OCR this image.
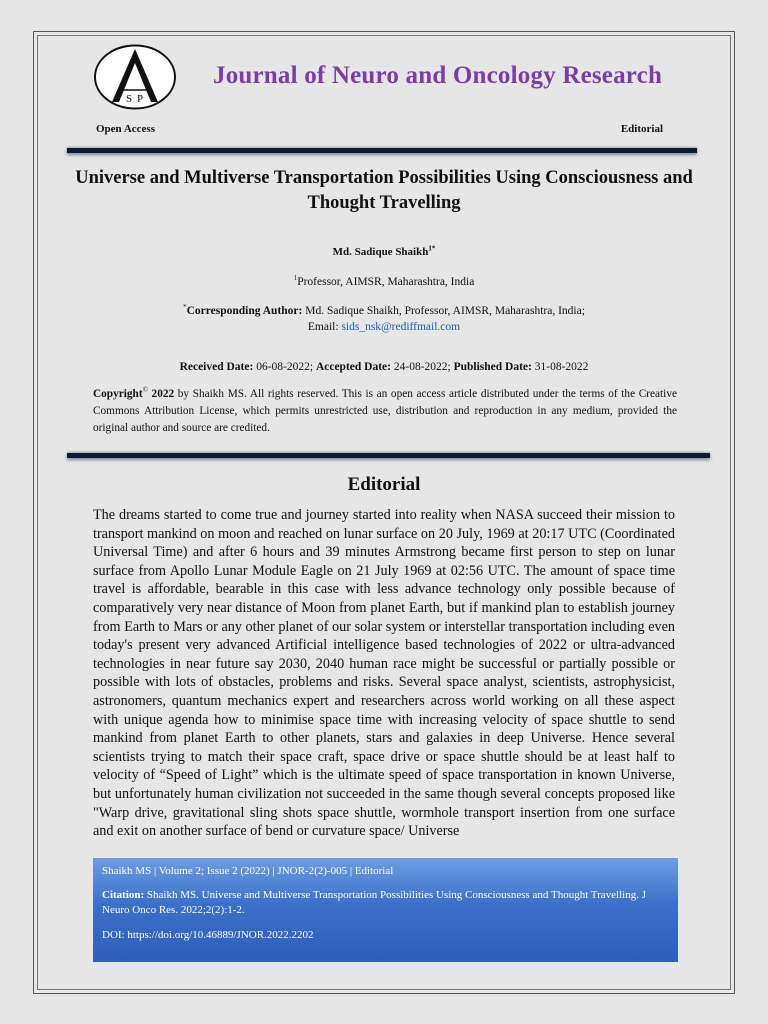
S P
Journal of Neuro and Oncology Research
Open Access	Editorial
Universe and Multiverse Transportation Possibilities Using Consciousness and Thought Travelling
Md. Sadique Shaikh$^{1*}$
$^1$Professor, AIMSR, Maharashtra, India
*Corresponding Author: Md. Sadique Shaikh, Professor, AIMSR, Maharashtra, India;
Email: sids_nsk@rediffmail.com
Received Date: 06-08-2022; Accepted Date: 24-08-2022; Published Date: 31-08-2022
Copyright© 2022 by Shaikh MS. All rights reserved. This is an open access article distributed under the terms of the Creative Commons Attribution License, which permits unrestricted use, distribution and reproduction in any medium, provided the original author and source are credited.
Editorial
The dreams started to come true and journey started into reality when NASA succeed their mission to transport mankind on moon and reached on lunar surface on 20 July, 1969 at 20:17 UTC (Coordinated Universal Time) and after 6 hours and 39 minutes Armstrong became first person to step on lunar surface from Apollo Lunar Module Eagle on 21 July 1969 at 02:56 UTC. The amount of space time travel is affordable, bearable in this case with less advance technology only possible because of comparatively very near distance of Moon from planet Earth, but if mankind plan to establish journey from Earth to Mars or any other planet of our solar system or interstellar transportation including even today's present very advanced Artificial intelligence based technologies of 2022 or ultra-advanced technologies in near future say 2030, 2040 human race might be successful or partially possible or possible with lots of obstacles, problems and risks. Several space analyst, scientists, astrophysicist, astronomers, quantum mechanics expert and researchers across world working on all these aspect with unique agenda how to minimise space time with increasing velocity of space shuttle to send mankind from planet Earth to other planets, stars and galaxies in deep Universe. Hence several scientists trying to match their space craft, space drive or space shuttle should be at least half to velocity of “Speed of Light” which is the ultimate speed of space transportation in known Universe, but unfortunately human civilization not succeeded in the same though several concepts proposed like "Warp drive, gravitational sling shots space shuttle, wormhole transport insertion from one surface and exit on another surface of bend or curvature space/ Universe
Shaikh MS | Volume 2; Issue 2 (2022) | JNOR-2(2)-005 | Editorial
Citation: Shaikh MS. Universe and Multiverse Transportation Possibilities Using Consciousness and Thought Travelling. J Neuro Onco Res. 2022;2(2):1-2.
DOI: https://doi.org/10.46889/JNOR.2022.2202
